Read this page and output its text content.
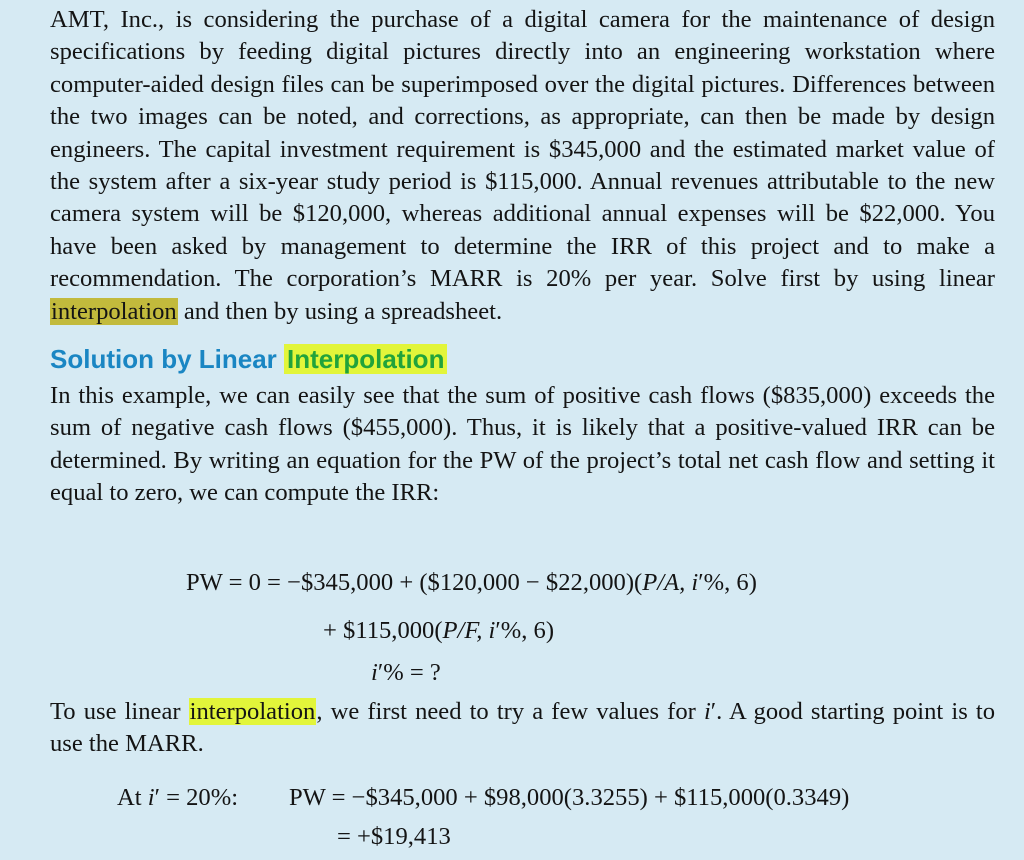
AMT, Inc., is considering the purchase of a digital camera for the maintenance of design specifications by feeding digital pictures directly into an engineering workstation where computer-aided design files can be superimposed over the digital pictures. Differences between the two images can be noted, and corrections, as appropriate, can then be made by design engineers. The capital investment requirement is $345,000 and the estimated market value of the system after a six-year study period is $115,000. Annual revenues attributable to the new camera system will be $120,000, whereas additional annual expenses will be $22,000. You have been asked by management to determine the IRR of this project and to make a recommendation. The corporation’s MARR is 20% per year. Solve first by using linear interpolation and then by using a spreadsheet.

Solution by Linear Interpolation

In this example, we can easily see that the sum of positive cash flows ($835,000) exceeds the sum of negative cash flows ($455,000). Thus, it is likely that a positive-valued IRR can be determined. By writing an equation for the PW of the project’s total net cash flow and setting it equal to zero, we can compute the IRR:

PW = 0 = −$345,000 + ($120,000 − $22,000)(P/A, i′%, 6)
+ $115,000(P/F, i′%, 6)
i′% = ?

To use linear interpolation, we first need to try a few values for i′. A good starting point is to use the MARR.

At i′ = 20%: PW = −$345,000 + $98,000(3.3255) + $115,000(0.3349)
= +$19,413
